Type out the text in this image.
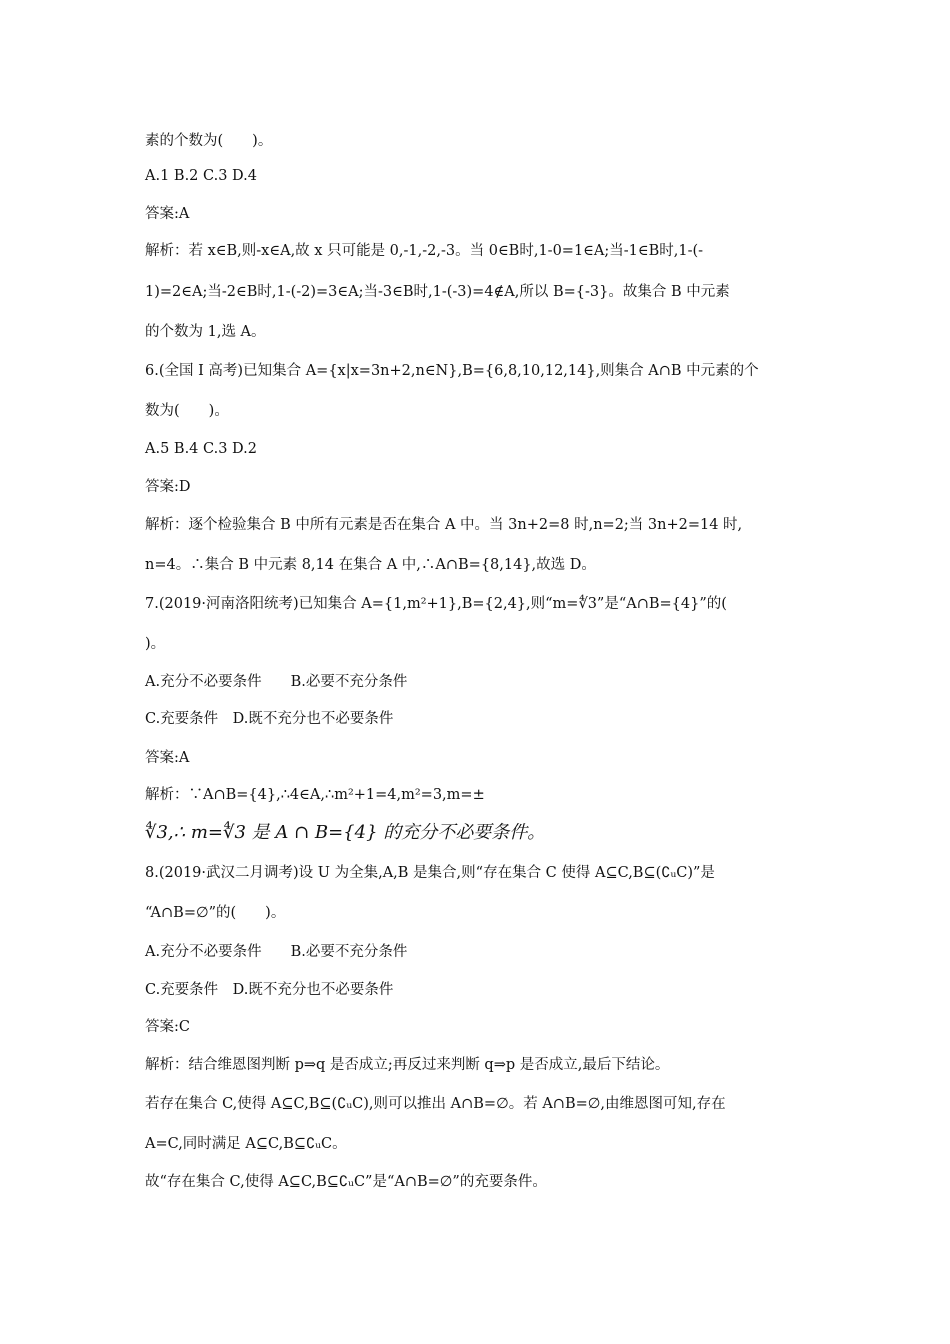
素的个数为(　　)。
A.1 B.2 C.3 D.4
答案:A
解析：若 x∈B,则-x∈A,故 x 只可能是 0,-1,-2,-3。当 0∈B时,1-0=1∈A;当-1∈B时,1-(-
1)=2∈A;当-2∈B时,1-(-2)=3∈A;当-3∈B时,1-(-3)=4∉A,所以 B={-3}。故集合 B 中元素
的个数为 1,选 A。
6.(全国 Ⅰ 高考)已知集合 A={x|x=3n+2,n∈N},B={6,8,10,12,14},则集合 A∩B 中元素的个
数为(　　)。
A.5 B.4 C.3 D.2
答案:D
解析：逐个检验集合 B 中所有元素是否在集合 A 中。当 3n+2=8 时,n=2;当 3n+2=14 时,
n=4。∴集合 B 中元素 8,14 在集合 A 中,∴A∩B={8,14},故选 D。
7.(2019·河南洛阳统考)已知集合 A={1,m²+1},B={2,4},则“m=∜3”是“A∩B={4}”的(
)。
A.充分不必要条件　　B.必要不充分条件
C.充要条件　D.既不充分也不必要条件
答案:A
解析：∵A∩B={4},∴4∈A,∴m²+1=4,m²=3,m=±
∜3,∴ m=∜3 是 A ∩ B={4} 的充分不必要条件。
8.(2019·武汉二月调考)设 U 为全集,A,B 是集合,则“存在集合 C 使得 A⊆C,B⊆(∁ᵤC)”是
“A∩B=∅”的(　　)。
A.充分不必要条件　　B.必要不充分条件
C.充要条件　D.既不充分也不必要条件
答案:C
解析：结合维恩图判断 p⇒q 是否成立;再反过来判断 q⇒p 是否成立,最后下结论。
若存在集合 C,使得 A⊆C,B⊆(∁ᵤC),则可以推出 A∩B=∅。若 A∩B=∅,由维恩图可知,存在
A=C,同时满足 A⊆C,B⊆∁ᵤC。
故“存在集合 C,使得 A⊆C,B⊆∁ᵤC”是“A∩B=∅”的充要条件。
